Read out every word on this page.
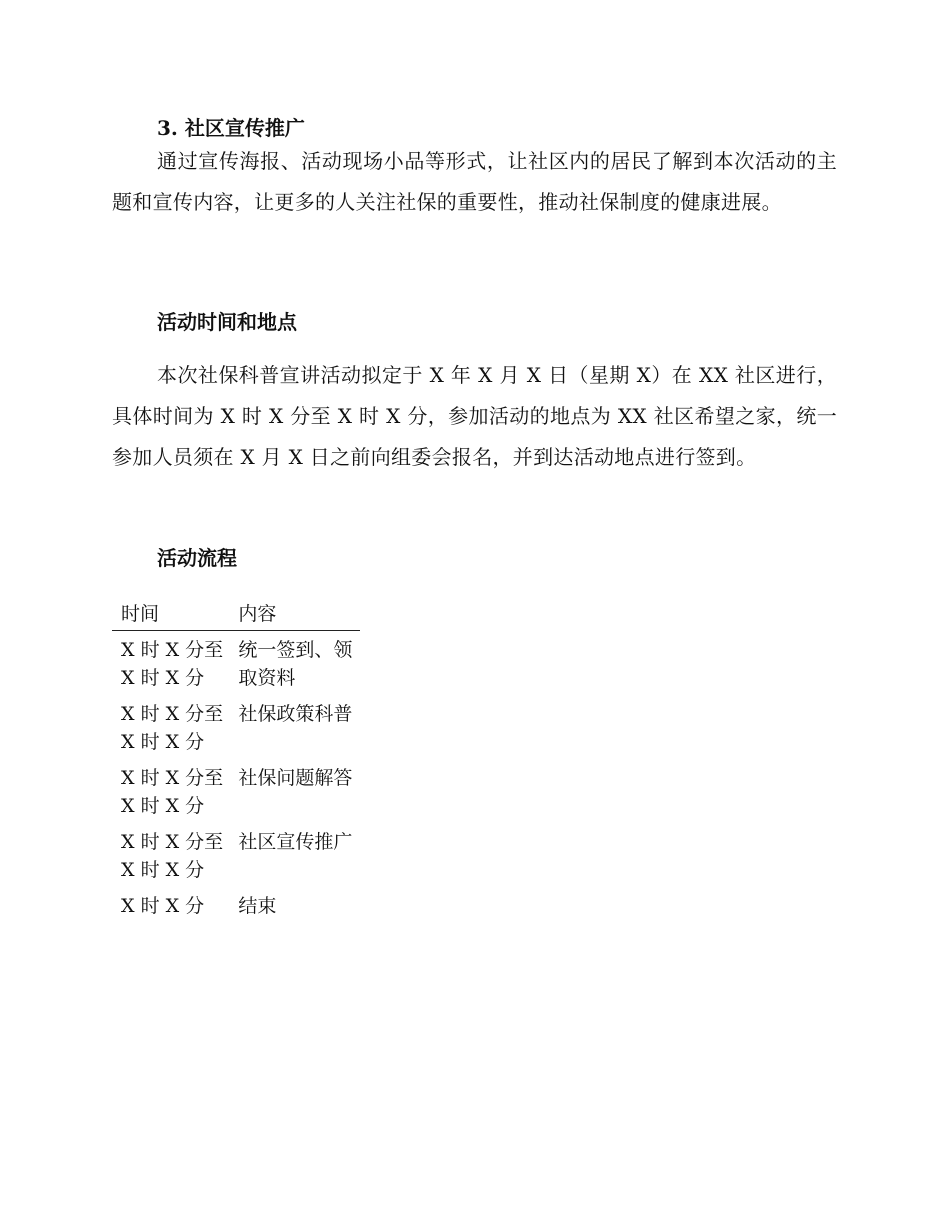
3. 社区宣传推广

通过宣传海报、活动现场小品等形式，让社区内的居民了解到本次活动的主题和宣传内容，让更多的人关注社保的重要性，推动社保制度的健康进展。

活动时间和地点

本次社保科普宣讲活动拟定于 X 年 X 月 X 日（星期 X）在 XX 社区进行，具体时间为 X 时 X 分至 X 时 X 分，参加活动的地点为 XX 社区希望之家，统一参加人员须在 X 月 X 日之前向组委会报名，并到达活动地点进行签到。

活动流程
时间	内容
X 时 X 分至 X 时 X 分	统一签到、领取资料
X 时 X 分至 X 时 X 分	社保政策科普
X 时 X 分至 X 时 X 分	社保问题解答
X 时 X 分至 X 时 X 分	社区宣传推广
X 时 X 分	结束
